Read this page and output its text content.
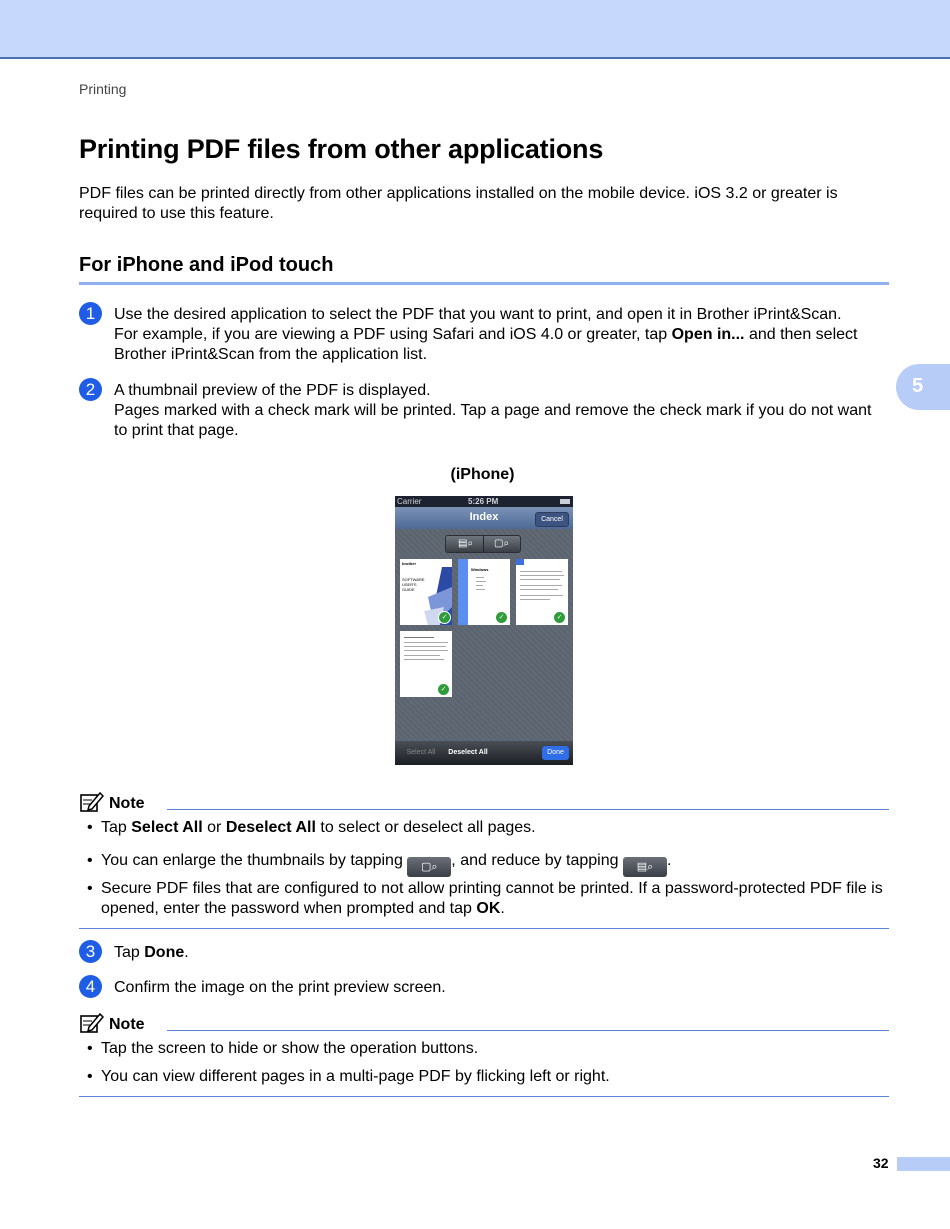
Printing
5
Printing PDF files from other applications
PDF files can be printed directly from other applications installed on the mobile device. iOS 3.2 or greater is required to use this feature.
For iPhone and iPod touch
1	Use the desired application to select the PDF that you want to print, and open it in Brother iPrint&Scan.
For example, if you are viewing a PDF using Safari and iOS 4.0 or greater, tap Open in... and then select Brother iPrint&Scan from the application list.
2	A thumbnail preview of the PDF is displayed.
Pages marked with a check mark will be printed. Tap a page and remove the check mark if you do not want to print that page.
(iPhone)
Carrier	5:26 PM
Index	Cancel
▤⌕ ▢⌕
brother
SOFTWARE USER'S GUIDE
✓
Windows
✓	✓
✓
Select All	Deselect All	Done
Note
• Tap Select All or Deselect All to select or deselect all pages.
• You can enlarge the thumbnails by tapping ▢⌕ , and reduce by tapping ▤⌕ .
• Secure PDF files that are configured to not allow printing cannot be printed. If a password-protected PDF file is opened, enter the password when prompted and tap OK.
3	Tap Done.
4	Confirm the image on the print preview screen.
Note
• Tap the screen to hide or show the operation buttons.
• You can view different pages in a multi-page PDF by flicking left or right.
32
